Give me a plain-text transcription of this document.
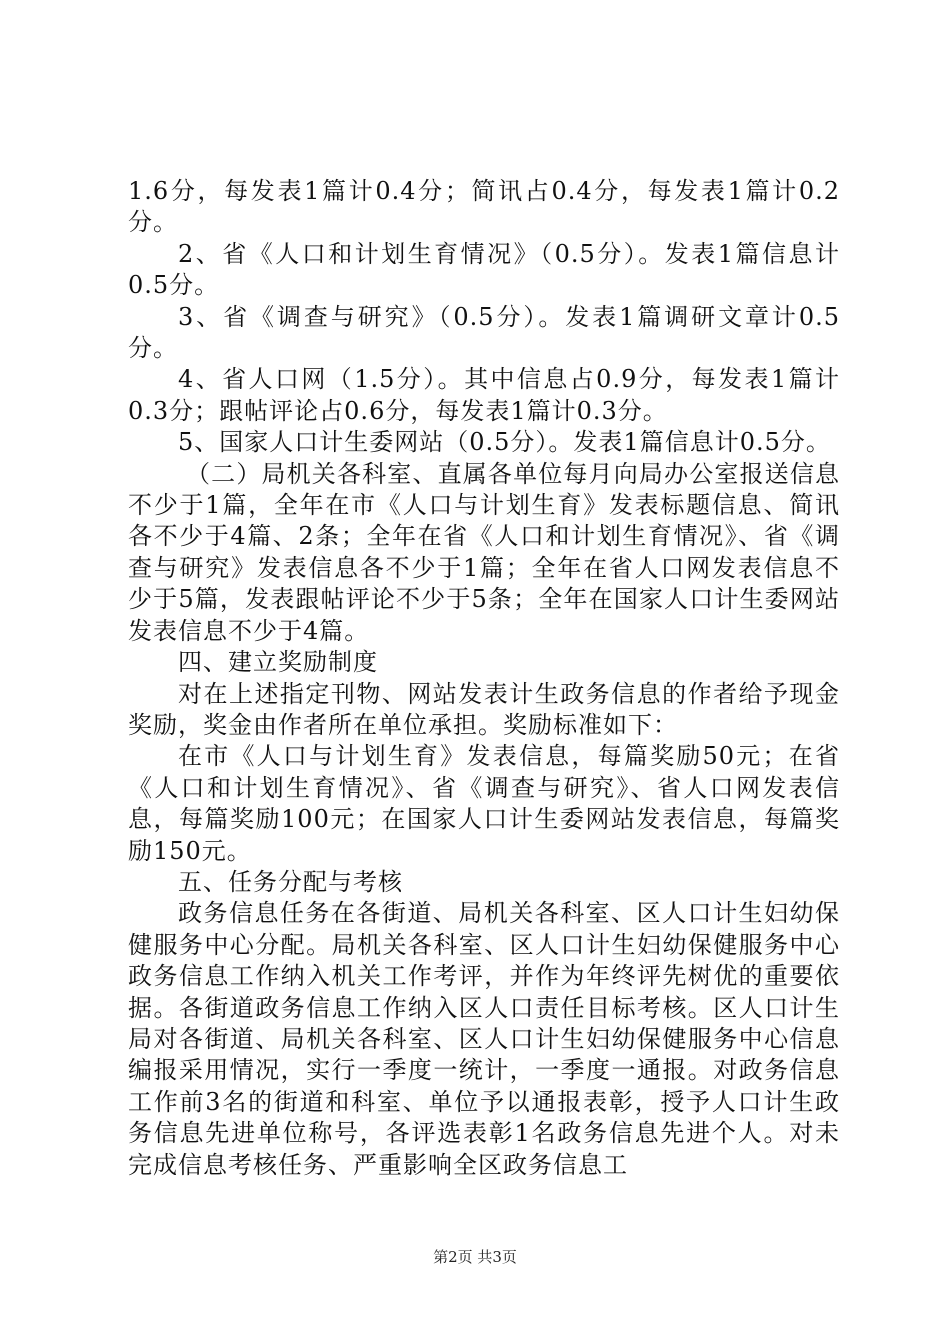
1.6分，每发表1篇计0.4分；简讯占0.4分，每发表1篇计0.2分。

2、省《人口和计划生育情况》（0.5分）。发表1篇信息计0.5分。

3、省《调查与研究》（0.5分）。发表1篇调研文章计0.5分。

4、省人口网（1.5分）。其中信息占0.9分，每发表1篇计0.3分；跟帖评论占0.6分，每发表1篇计0.3分。

5、国家人口计生委网站（0.5分）。发表1篇信息计0.5分。

（二）局机关各科室、直属各单位每月向局办公室报送信息不少于1篇，全年在市《人口与计划生育》发表标题信息、简讯各不少于4篇、2条；全年在省《人口和计划生育情况》、省《调查与研究》发表信息各不少于1篇；全年在省人口网发表信息不少于5篇，发表跟帖评论不少于5条；全年在国家人口计生委网站发表信息不少于4篇。

四、建立奖励制度

对在上述指定刊物、网站发表计生政务信息的作者给予现金奖励，奖金由作者所在单位承担。奖励标准如下：

在市《人口与计划生育》发表信息，每篇奖励50元；在省《人口和计划生育情况》、省《调查与研究》、省人口网发表信息，每篇奖励100元；在国家人口计生委网站发表信息，每篇奖励150元。

五、任务分配与考核

政务信息任务在各街道、局机关各科室、区人口计生妇幼保健服务中心分配。局机关各科室、区人口计生妇幼保健服务中心政务信息工作纳入机关工作考评，并作为年终评先树优的重要依据。各街道政务信息工作纳入区人口责任目标考核。区人口计生局对各街道、局机关各科室、区人口计生妇幼保健服务中心信息编报采用情况，实行一季度一统计，一季度一通报。对政务信息工作前3名的街道和科室、单位予以通报表彰，授予人口计生政务信息先进单位称号，各评选表彰1名政务信息先进个人。对未完成信息考核任务、严重影响全区政务信息工

第2页 共3页
